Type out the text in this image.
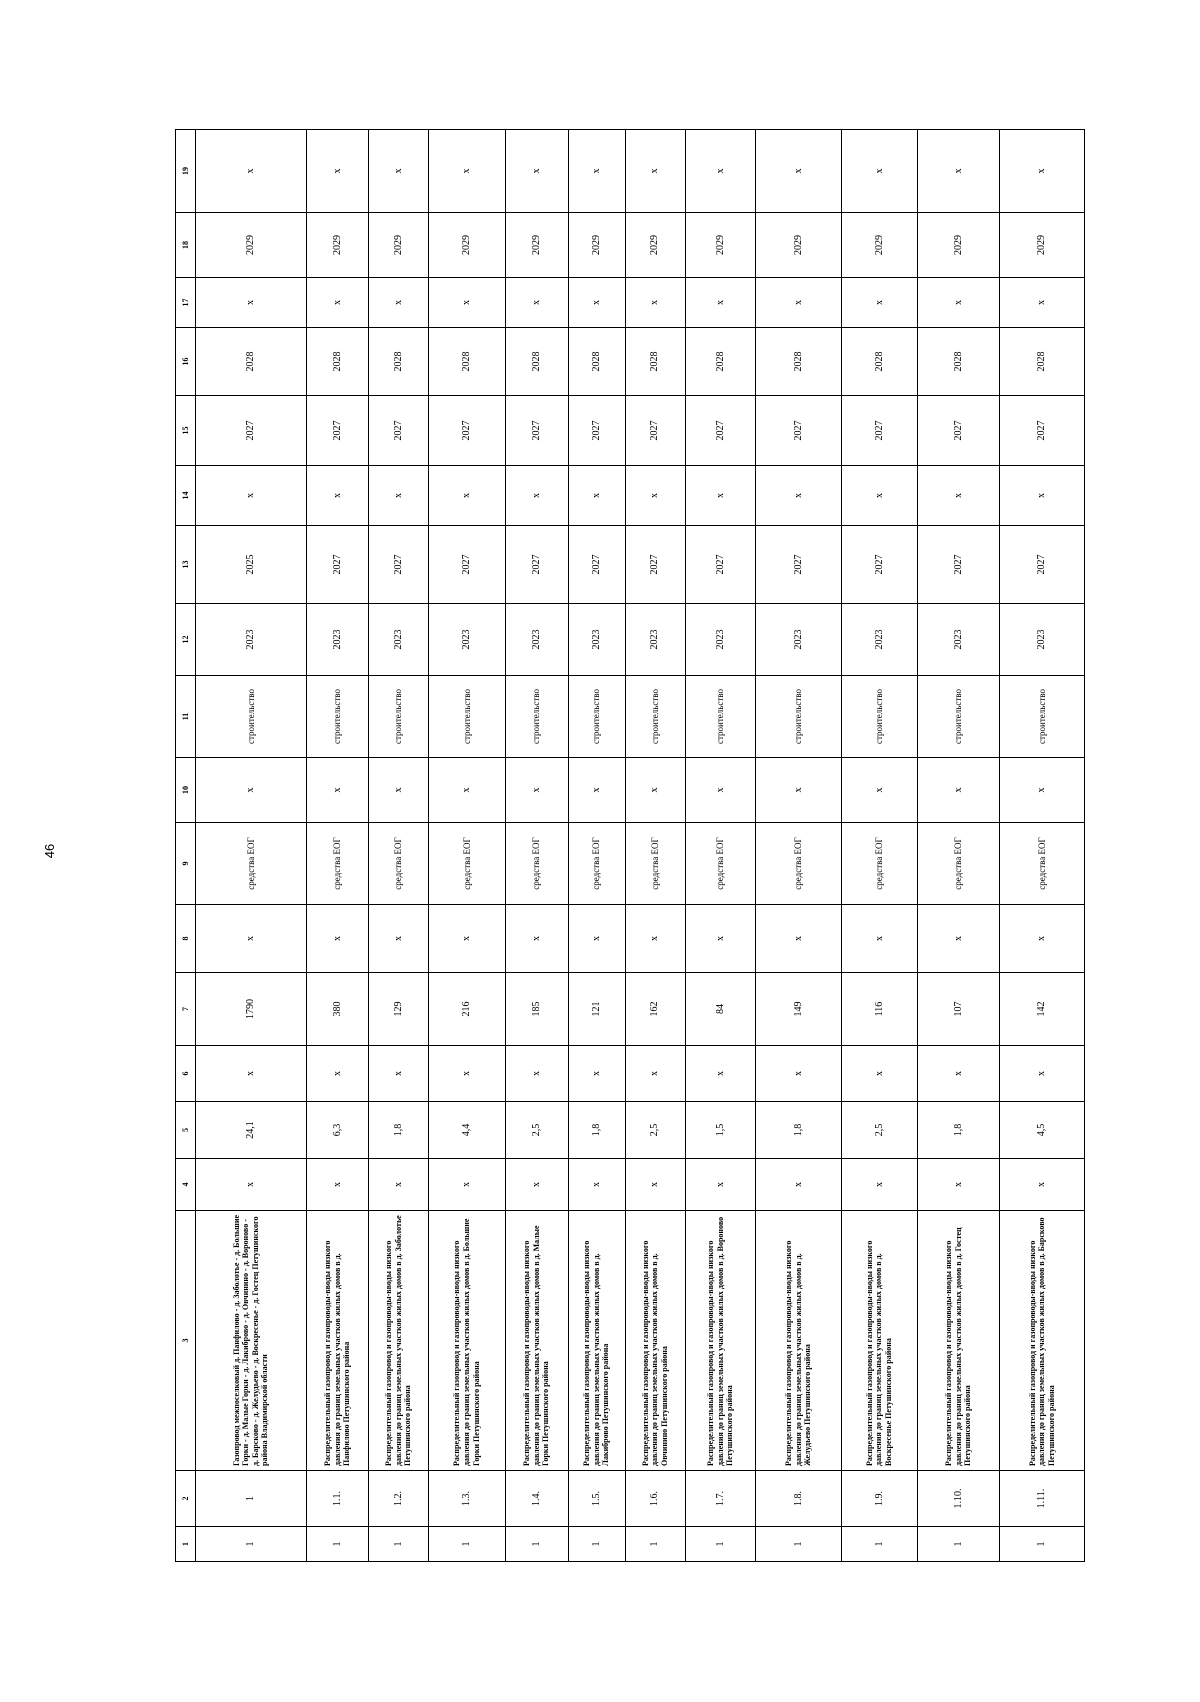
46
1	2	3	4	5	6	7	8	9	10	11	12	13	14	15	16	17	18	19
1	1	Газопровод межпоселковый д. Панфилово - д. Заболотье - д. Большие Горки - д. Малые Горки - д. Лакиброво - д. Овчинино - д. Вороново - д. Барсково - д. Желудьево - д. Воскресенье - д. Гостец Петушинского района Владимирской области	х	24,1	х	1790	х	средства ЕОГ	х	строительство	2023	2025	х	2027	2028	х	2029	х
1	1.1.	Распределительный газопровод и газопроводы-вводы низкого давления до границ земельных участков жилых домов в д. Панфилово Петушинского района	х	6,3	х	380	х	средства ЕОГ	х	строительство	2023	2027	х	2027	2028	х	2029	х
1	1.2.	Распределительный газопровод и газопроводы-вводы низкого давления до границ земельных участков жилых домов в д. Заболотье Петушинского района	х	1,8	х	129	х	средства ЕОГ	х	строительство	2023	2027	х	2027	2028	х	2029	х
1	1.3.	Распределительный газопровод и газопроводы-вводы низкого давления до границ земельных участков жилых домов в д. Большие Горки Петушинского района	х	4,4	х	216	х	средства ЕОГ	х	строительство	2023	2027	х	2027	2028	х	2029	х
1	1.4.	Распределительный газопровод и газопроводы-вводы низкого давления до границ земельных участков жилых домов в д. Малые Горки Петушинского района	х	2,5	х	185	х	средства ЕОГ	х	строительство	2023	2027	х	2027	2028	х	2029	х
1	1.5.	Распределительный газопровод и газопроводы-вводы низкого давления до границ земельных участков жилых домов в д. Лакиброво Петушинского района	х	1,8	х	121	х	средства ЕОГ	х	строительство	2023	2027	х	2027	2028	х	2029	х
1	1.6.	Распределительный газопровод и газопроводы-вводы низкого давления до границ земельных участков жилых домов в д. Овчинино Петушинского района	х	2,5	х	162	х	средства ЕОГ	х	строительство	2023	2027	х	2027	2028	х	2029	х
1	1.7.	Распределительный газопровод и газопроводы-вводы низкого давления до границ земельных участков жилых домов в д. Вороново Петушинского района	х	1,5	х	84	х	средства ЕОГ	х	строительство	2023	2027	х	2027	2028	х	2029	х
1	1.8.	Распределительный газопровод и газопроводы-вводы низкого давления до границ земельных участков жилых домов в д. Желудьево Петушинского района	х	1,8	х	149	х	средства ЕОГ	х	строительство	2023	2027	х	2027	2028	х	2029	х
1	1.9.	Распределительный газопровод и газопроводы-вводы низкого давления до границ земельных участков жилых домов в д. Воскресенье Петушинского района	х	2,5	х	116	х	средства ЕОГ	х	строительство	2023	2027	х	2027	2028	х	2029	х
1	1.10.	Распределительный газопровод и газопроводы-вводы низкого давления до границ земельных участков жилых домов в д. Гостец Петушинского района	х	1,8	х	107	х	средства ЕОГ	х	строительство	2023	2027	х	2027	2028	х	2029	х
1	1.11.	Распределительный газопровод и газопроводы-вводы низкого давления до границ земельных участков жилых домов в д. Барсково Петушинского района	х	4,5	х	142	х	средства ЕОГ	х	строительство	2023	2027	х	2027	2028	х	2029	х
